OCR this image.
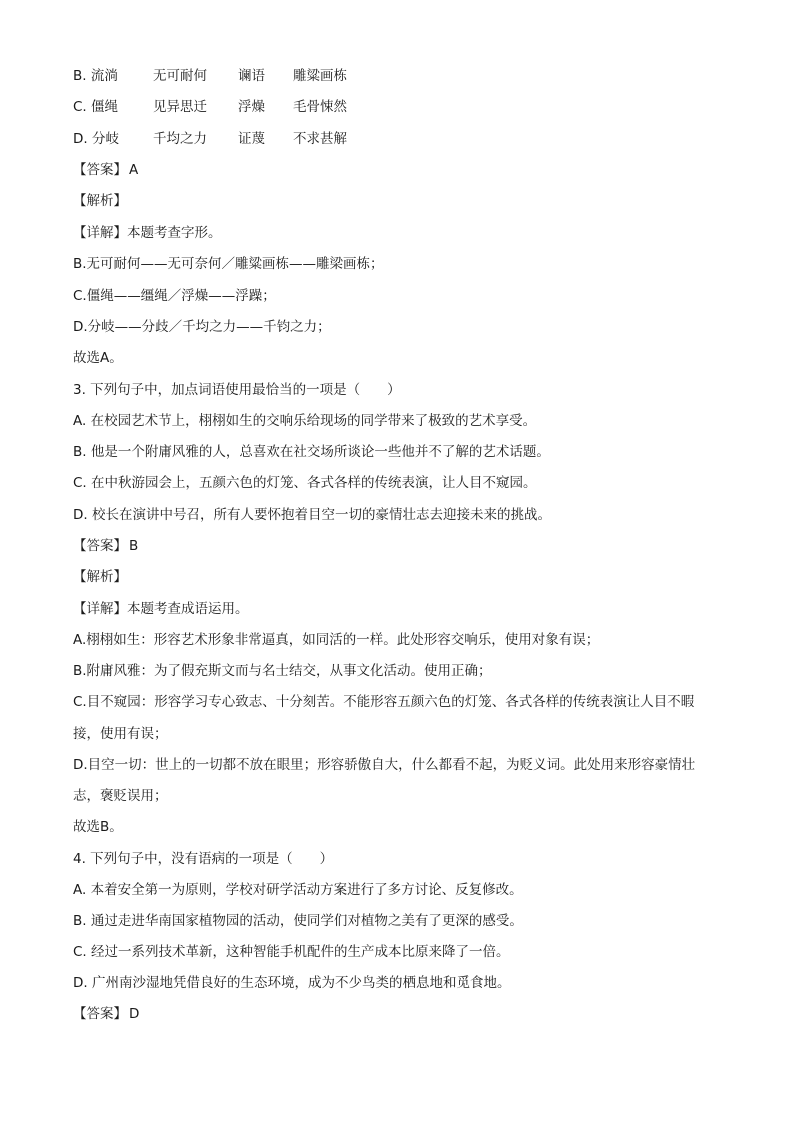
B. 流淌	无可耐何 谰语 雕粱画栋
C. 僵绳	见异思迁 浮燥 毛骨悚然
D. 分岐	千均之力 证蔑 不求甚解
【答案】 A
【解析】
【详解】本题考查字形。
B.无可耐何——无可奈何／雕粱画栋——雕梁画栋；
C.僵绳——缰绳／浮燥——浮躁；
D.分岐——分歧／千均之力——千钧之力；
故选A。
3. 下列句子中，加点词语使用最恰当的一项是（　　）
A. 在校园艺术节上，栩栩如生的交响乐给现场的同学带来了极致的艺术享受。
B. 他是一个附庸风雅的人，总喜欢在社交场所谈论一些他并不了解的艺术话题。
C. 在中秋游园会上，五颜六色的灯笼、各式各样的传统表演，让人目不窥园。
D. 校长在演讲中号召，所有人要怀抱着目空一切的豪情壮志去迎接未来的挑战。
【答案】 B
【解析】
【详解】本题考查成语运用。
A.栩栩如生：形容艺术形象非常逼真，如同活的一样。此处形容交响乐，使用对象有误；
B.附庸风雅：为了假充斯文而与名士结交，从事文化活动。使用正确；
C.目不窥园：形容学习专心致志、十分刻苦。不能形容五颜六色的灯笼、各式各样的传统表演让人目不暇
接，使用有误；
D.目空一切：世上的一切都不放在眼里；形容骄傲自大，什么都看不起，为贬义词。此处用来形容豪情壮
志，褒贬误用；
故选B。
4. 下列句子中，没有语病的一项是（　　）
A. 本着安全第一为原则，学校对研学活动方案进行了多方讨论、反复修改。
B. 通过走进华南国家植物园的活动，使同学们对植物之美有了更深的感受。
C. 经过一系列技术革新，这种智能手机配件的生产成本比原来降了一倍。
D. 广州南沙湿地凭借良好的生态环境，成为不少鸟类的栖息地和觅食地。
【答案】 D
